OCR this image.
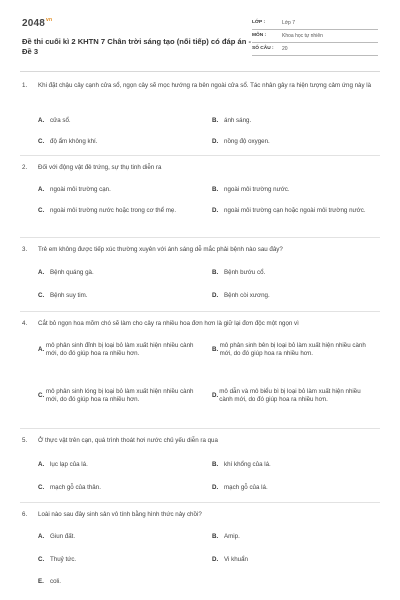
$2048^{vn}$
Đề thi cuối kì 2 KHTN 7 Chân trời sáng tạo (nối tiếp) có đáp án - Đề 3
LỚP :	Lớp 7
MÔN :	Khoa học tự nhiên
SỐ CÂU :	20
1.	Khi đặt chậu cây cạnh cửa sổ, ngọn cây sẽ mọc hướng ra bên ngoài cửa sổ. Tác nhân gây ra hiện tượng cảm ứng này là
A. cửa sổ.	B. ánh sáng.
C. độ ẩm không khí.	D. nồng độ oxygen.
2.	Đối với động vật đẻ trứng, sự thụ tinh diễn ra
A. ngoài môi trường cạn.	B. ngoài môi trường nước.
C. ngoài môi trường nước hoặc trong cơ thể mẹ.	D. ngoài môi trường cạn hoặc ngoài môi trường nước.
3.	Trẻ em không được tiếp xúc thường xuyên với ánh sáng dễ mắc phải bệnh nào sau đây?
A. Bệnh quáng gà.	B. Bệnh bướu cổ.
C. Bệnh suy tim.	D. Bệnh còi xương.
4.	Cắt bỏ ngọn hoa mõm chó sẽ làm cho cây ra nhiều hoa đơn hơn là giữ lại đơn độc một ngọn vì
A.
mô phân sinh đỉnh bị loại bỏ làm xuất hiện nhiều cành mới, do đó giúp hoa ra nhiều hơn.
B.
mô phân sinh bên bị loại bỏ làm xuất hiện nhiều cành mới, do đó giúp hoa ra nhiều hơn.
C.
mô phân sinh lóng bị loại bỏ làm xuất hiện nhiều cành mới, do đó giúp hoa ra nhiều hơn.
D.
mô dẫn và mô biểu bì bị loại bỏ làm xuất hiện nhiều cành mới, do đó giúp hoa ra nhiều hơn.
5.	Ở thực vật trên cạn, quá trình thoát hơi nước chủ yếu diễn ra qua
A. lục lạp của lá.	B. khí khổng của lá.
C. mạch gỗ của thân.	D. mạch gỗ của lá.
6.	Loài nào sau đây sinh sản vô tính bằng hình thức nảy chồi?
A. Giun đất.	B. Amip.
C. Thuỷ tức.	D. Vi khuẩn
E. coli.
